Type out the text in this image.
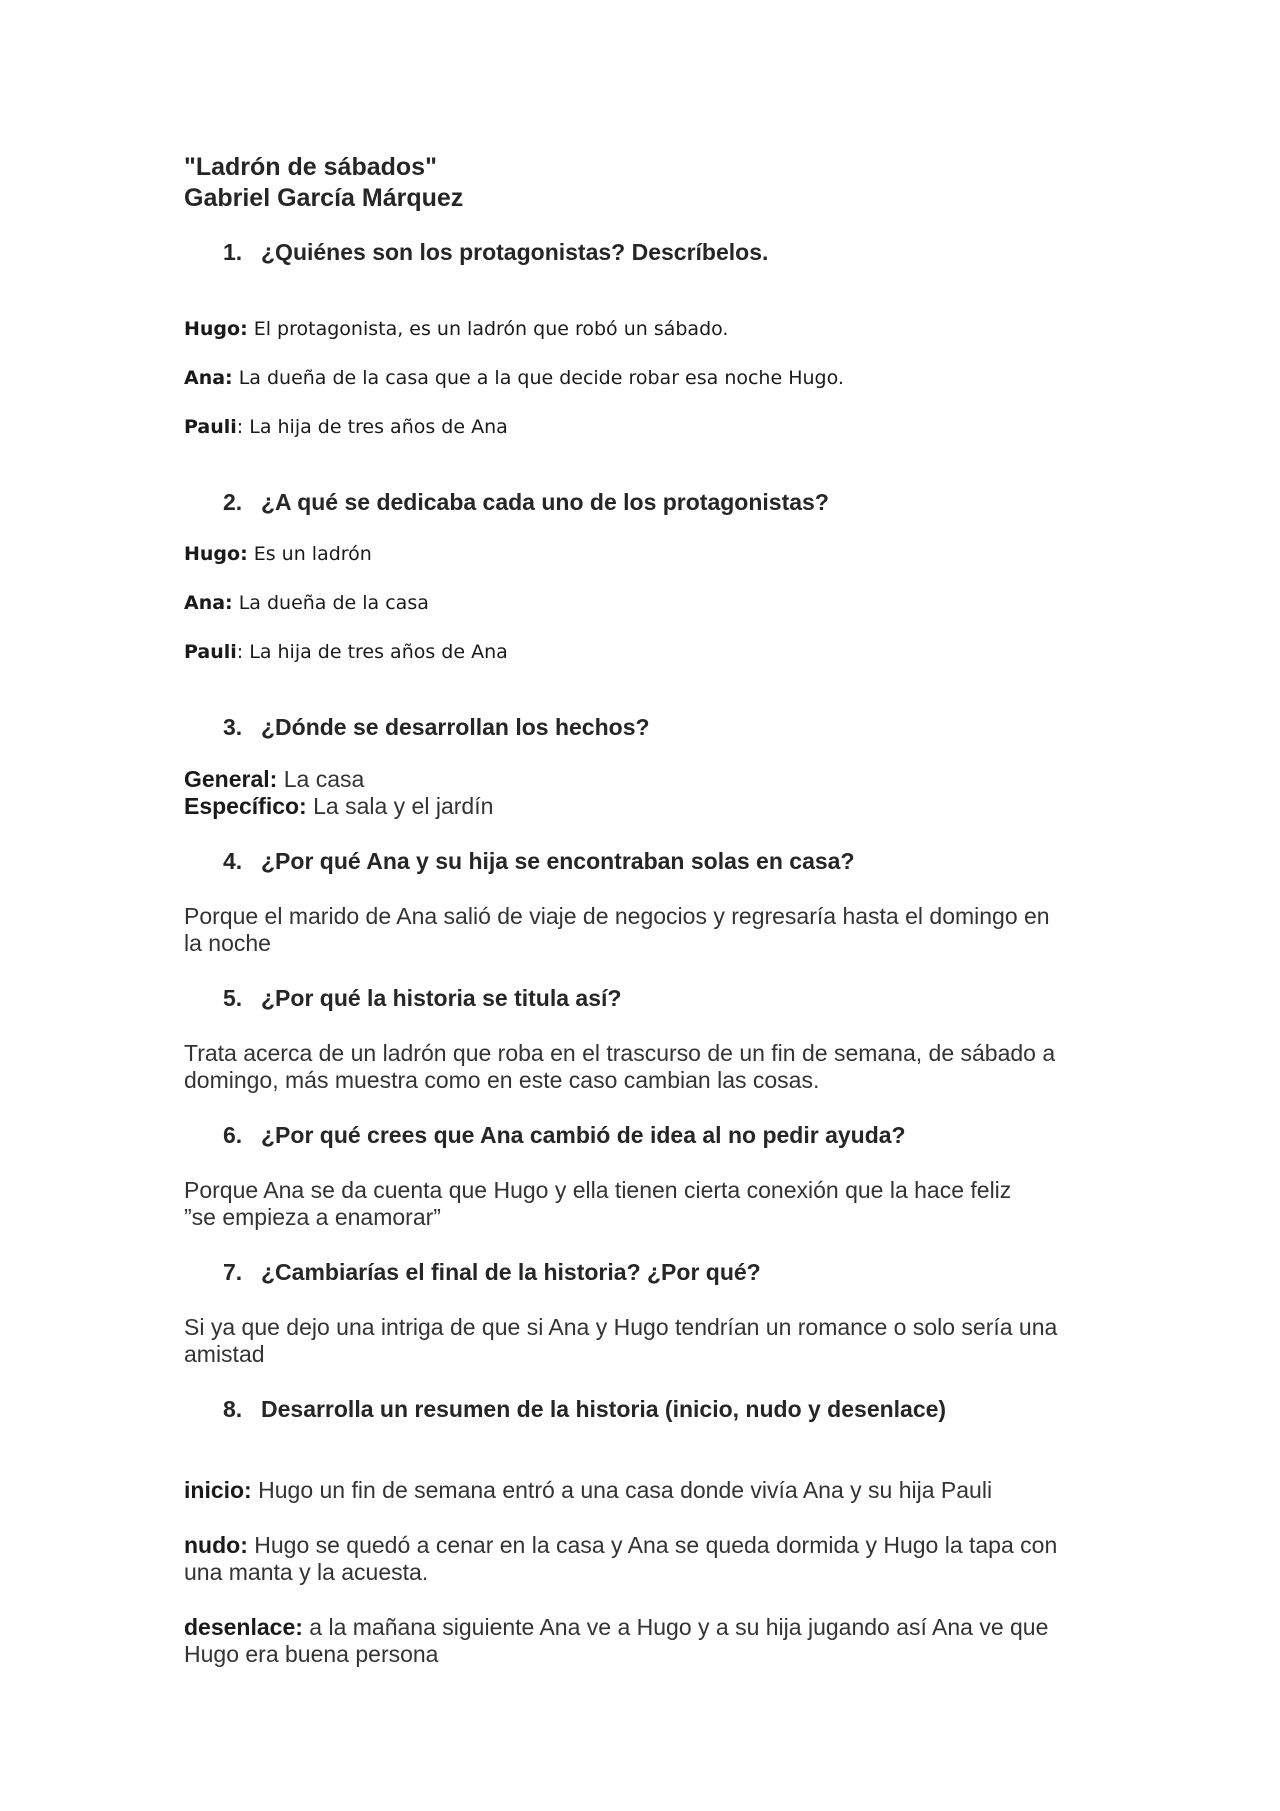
"Ladrón de sábados"
Gabriel García Márquez
1. ¿Quiénes son los protagonistas? Descríbelos.
Hugo: El protagonista, es un ladrón que robó un sábado.
Ana: La dueña de la casa que a la que decide robar esa noche Hugo.
Pauli: La hija de tres años de Ana
2. ¿A qué se dedicaba cada uno de los protagonistas?
Hugo: Es un ladrón
Ana: La dueña de la casa
Pauli: La hija de tres años de Ana
3. ¿Dónde se desarrollan los hechos?
General: La casa
Específico: La sala y el jardín
4. ¿Por qué Ana y su hija se encontraban solas en casa?
Porque el marido de Ana salió de viaje de negocios y regresaría hasta el domingo en
la noche
5. ¿Por qué la historia se titula así?
Trata acerca de un ladrón que roba en el trascurso de un fin de semana, de sábado a
domingo, más muestra como en este caso cambian las cosas.
6. ¿Por qué crees que Ana cambió de idea al no pedir ayuda?
Porque Ana se da cuenta que Hugo y ella tienen cierta conexión que la hace feliz
”se empieza a enamorar”
7. ¿Cambiarías el final de la historia? ¿Por qué?
Si ya que dejo una intriga de que si Ana y Hugo tendrían un romance o solo sería una
amistad
8. Desarrolla un resumen de la historia (inicio, nudo y desenlace)
inicio: Hugo un fin de semana entró a una casa donde vivía Ana y su hija Pauli
nudo: Hugo se quedó a cenar en la casa y Ana se queda dormida y Hugo la tapa con
una manta y la acuesta.
desenlace: a la mañana siguiente Ana ve a Hugo y a su hija jugando así Ana ve que
Hugo era buena persona
